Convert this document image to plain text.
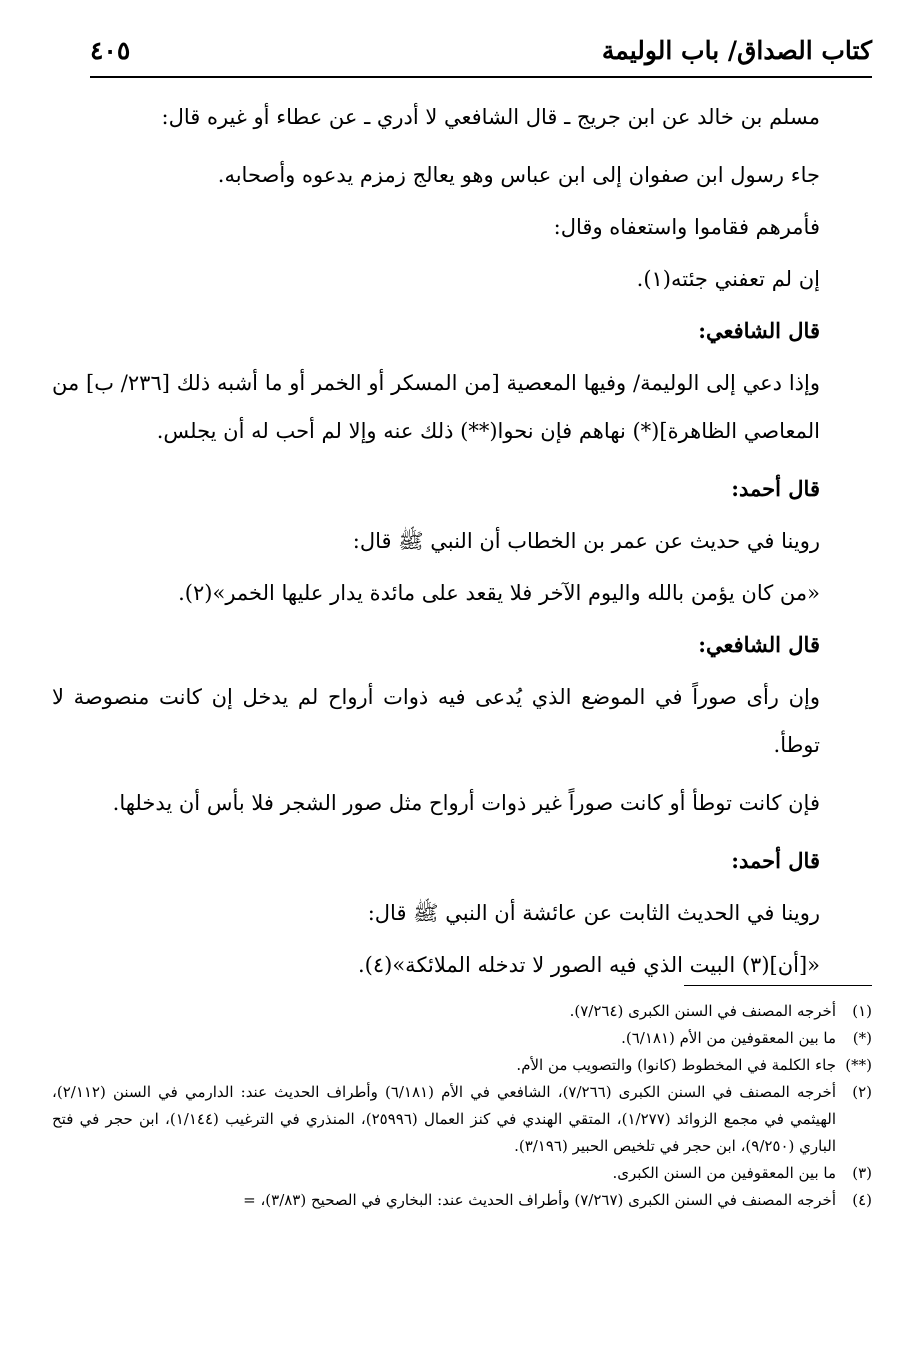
كتاب الصداق/ باب الوليمة
٤٠٥

مسلم بن خالد عن ابن جريج ـ قال الشافعي لا أدري ـ عن عطاء أو غيره قال:

جاء رسول ابن صفوان إلى ابن عباس وهو يعالج زمزم يدعوه وأصحابه.

فأمرهم فقاموا واستعفاه وقال:

إن لم تعفني جئته(١).

قال الشافعي:

وإذا دعي إلى الوليمة/ وفيها المعصية [من المسكر أو الخمر أو ما أشبه ذلك [٢٣٦/ ب] من المعاصي الظاهرة](*) نهاهم فإن نحوا(**) ذلك عنه وإلا لم أحب له أن يجلس.

قال أحمد:

روينا في حديث عن عمر بن الخطاب أن النبي ﷺ قال:

«من كان يؤمن بالله واليوم الآخر فلا يقعد على مائدة يدار عليها الخمر»(٢).

قال الشافعي:

وإن رأى صوراً في الموضع الذي يُدعى فيه ذوات أرواح لم يدخل إن كانت منصوصة لا توطأ.

فإن كانت توطأ أو كانت صوراً غير ذوات أرواح مثل صور الشجر فلا بأس أن يدخلها.

قال أحمد:

روينا في الحديث الثابت عن عائشة أن النبي ﷺ قال:

«[أن](٣) البيت الذي فيه الصور لا تدخله الملائكة»(٤).

(١)
أخرجه المصنف في السنن الكبرى (٧/٢٦٤).
(*)
ما بين المعقوفين من الأم (٦/١٨١).
(**)
جاء الكلمة في المخطوط (كانوا) والتصويب من الأم.
(٢)
أخرجه المصنف في السنن الكبرى (٧/٢٦٦)، الشافعي في الأم (٦/١٨١) وأطراف الحديث عند: الدارمي في السنن (٢/١١٢)، الهيثمي في مجمع الزوائد (١/٢٧٧)، المتقي الهندي في كنز العمال (٢٥٩٩٦)، المنذري في الترغيب (١/١٤٤)، ابن حجر في فتح الباري (٩/٢٥٠)، ابن حجر في تلخيص الحبير (٣/١٩٦).
(٣)
ما بين المعقوفين من السنن الكبرى.
(٤)
أخرجه المصنف في السنن الكبرى (٧/٢٦٧) وأطراف الحديث عند: البخاري في الصحيح (٣/٨٣)، =
